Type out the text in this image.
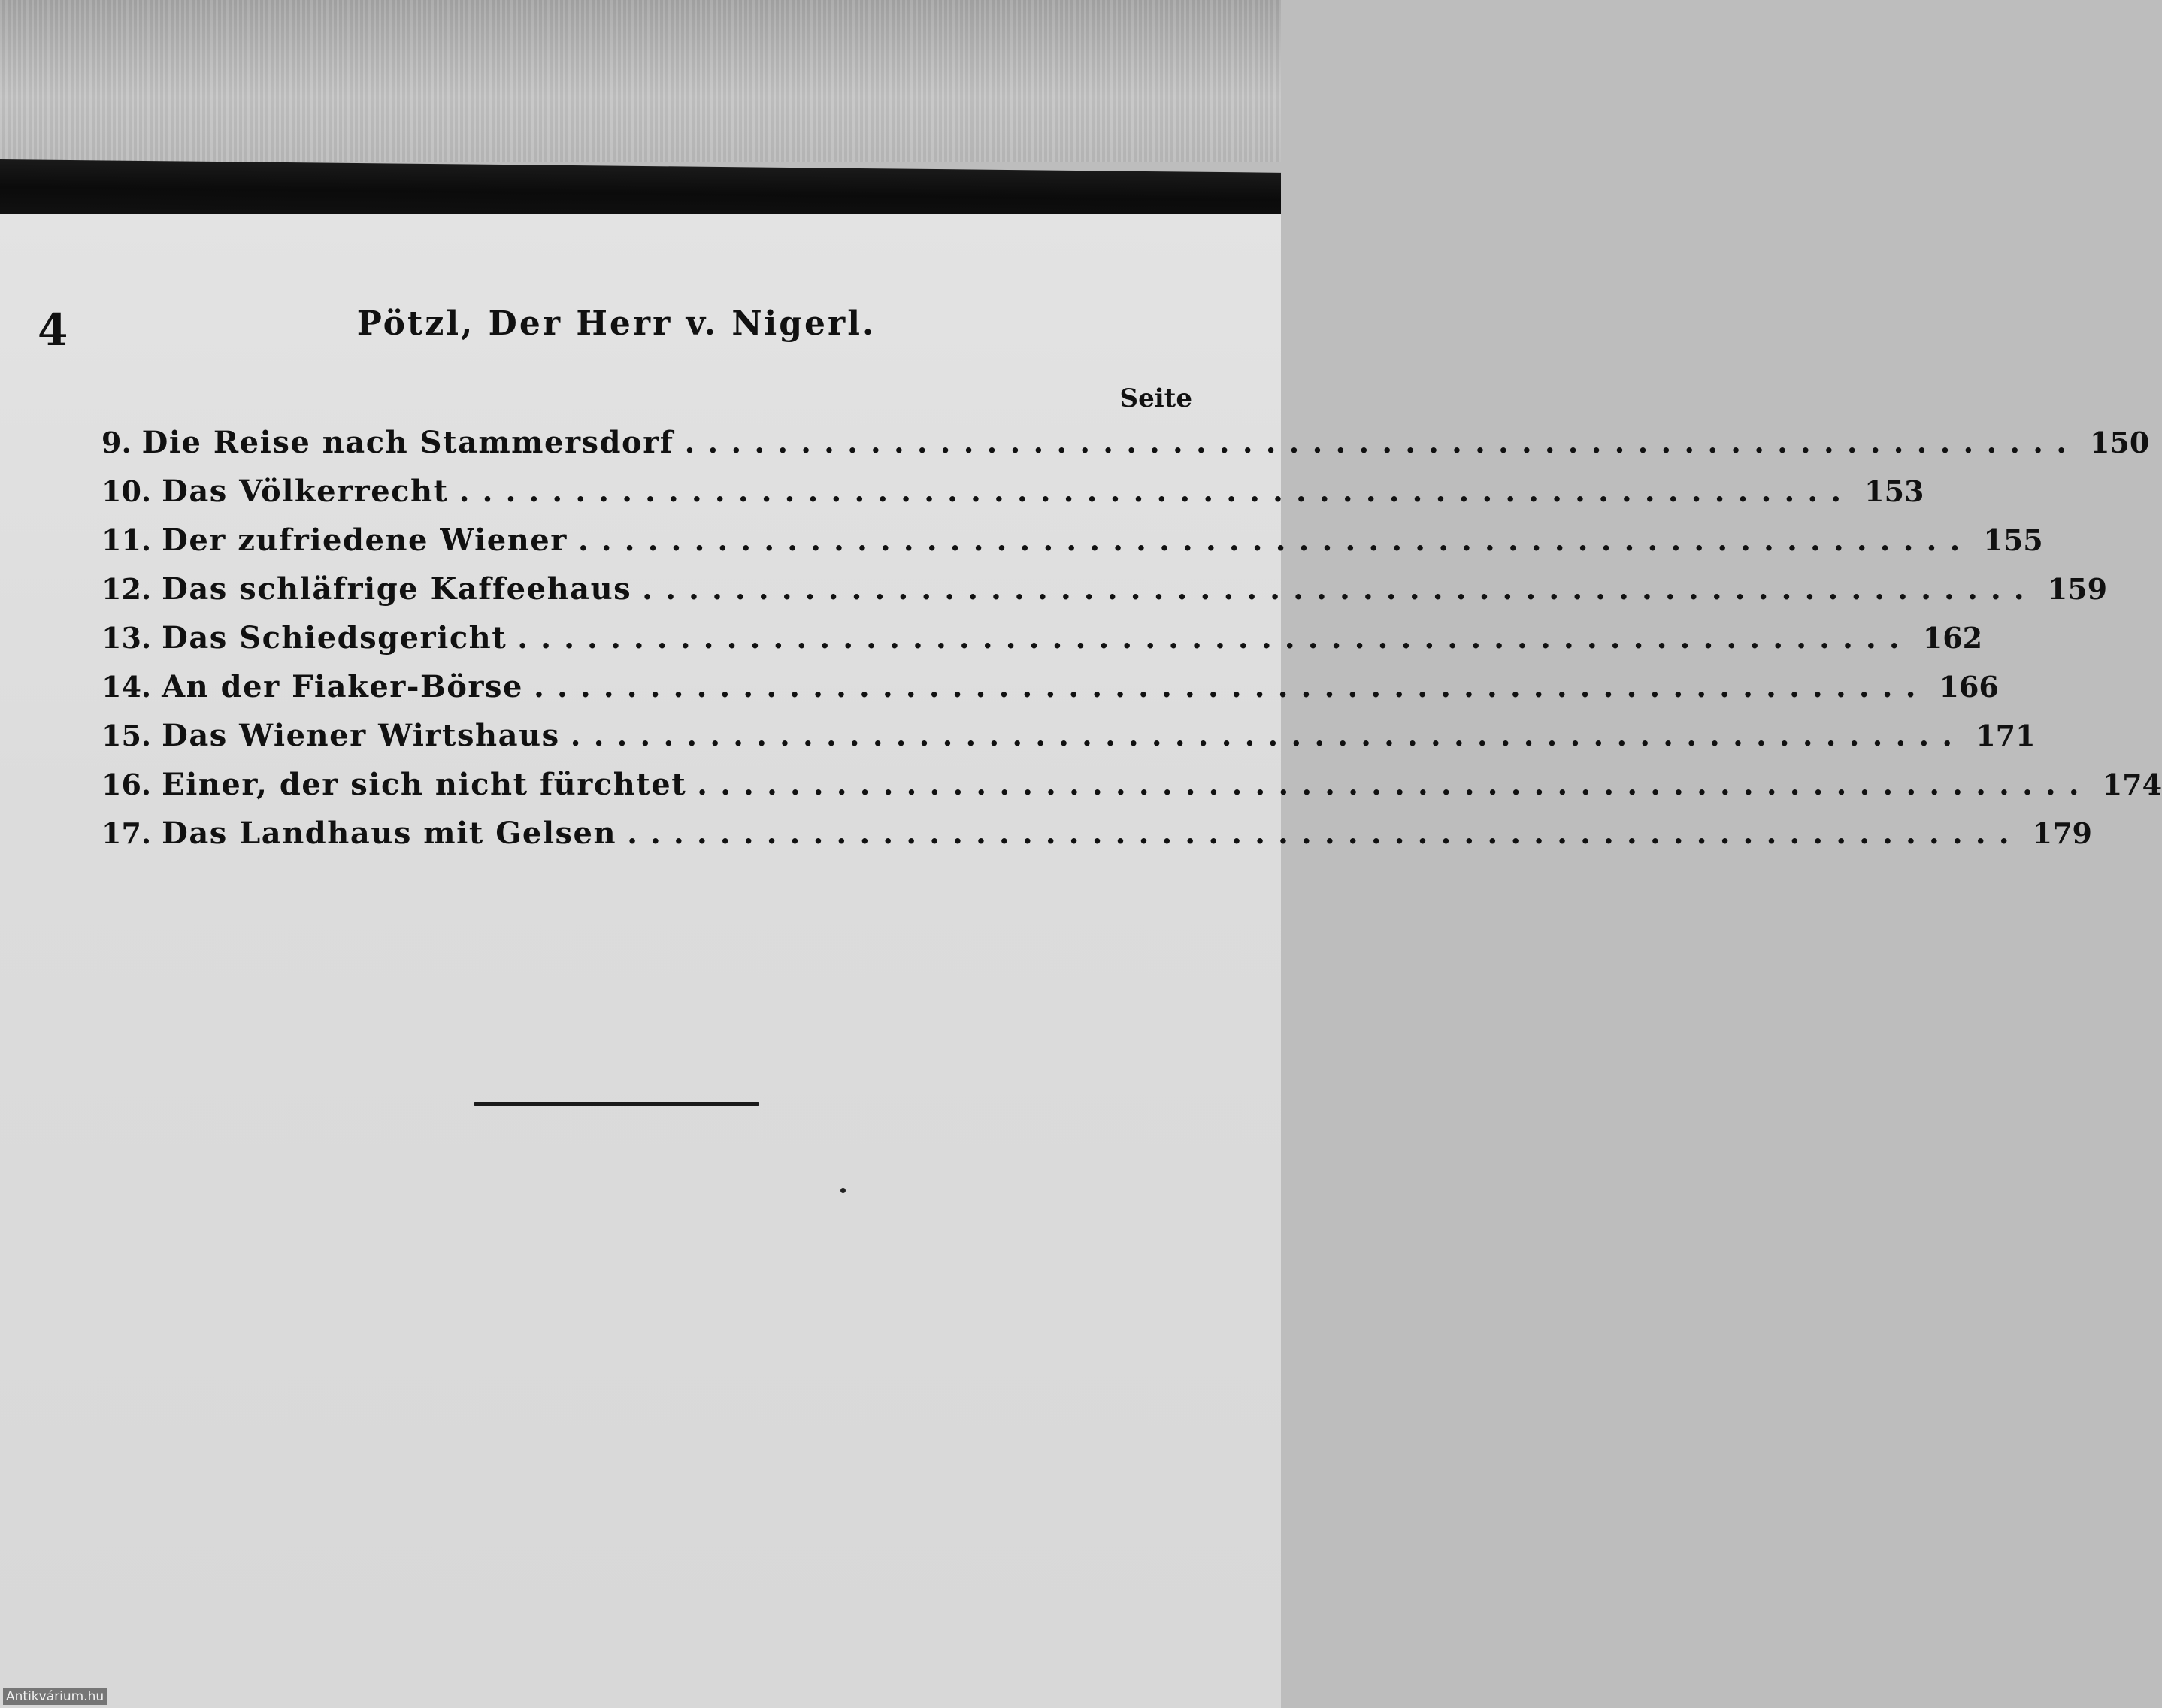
4	Pötzl, Der Herr v. Nigerl.
Seite
9. Die Reise nach Stammersdorf ............................................................ 150
10. Das Völkerrecht ............................................................ 153
11. Der zufriedene Wiener ............................................................ 155
12. Das schläfrige Kaffeehaus ............................................................ 159
13. Das Schiedsgericht ............................................................ 162
14. An der Fiaker-Börse ............................................................ 166
15. Das Wiener Wirtshaus ............................................................ 171
16. Einer, der sich nicht fürchtet ............................................................ 174
17. Das Landhaus mit Gelsen ............................................................ 179
Antikvárium.hu
